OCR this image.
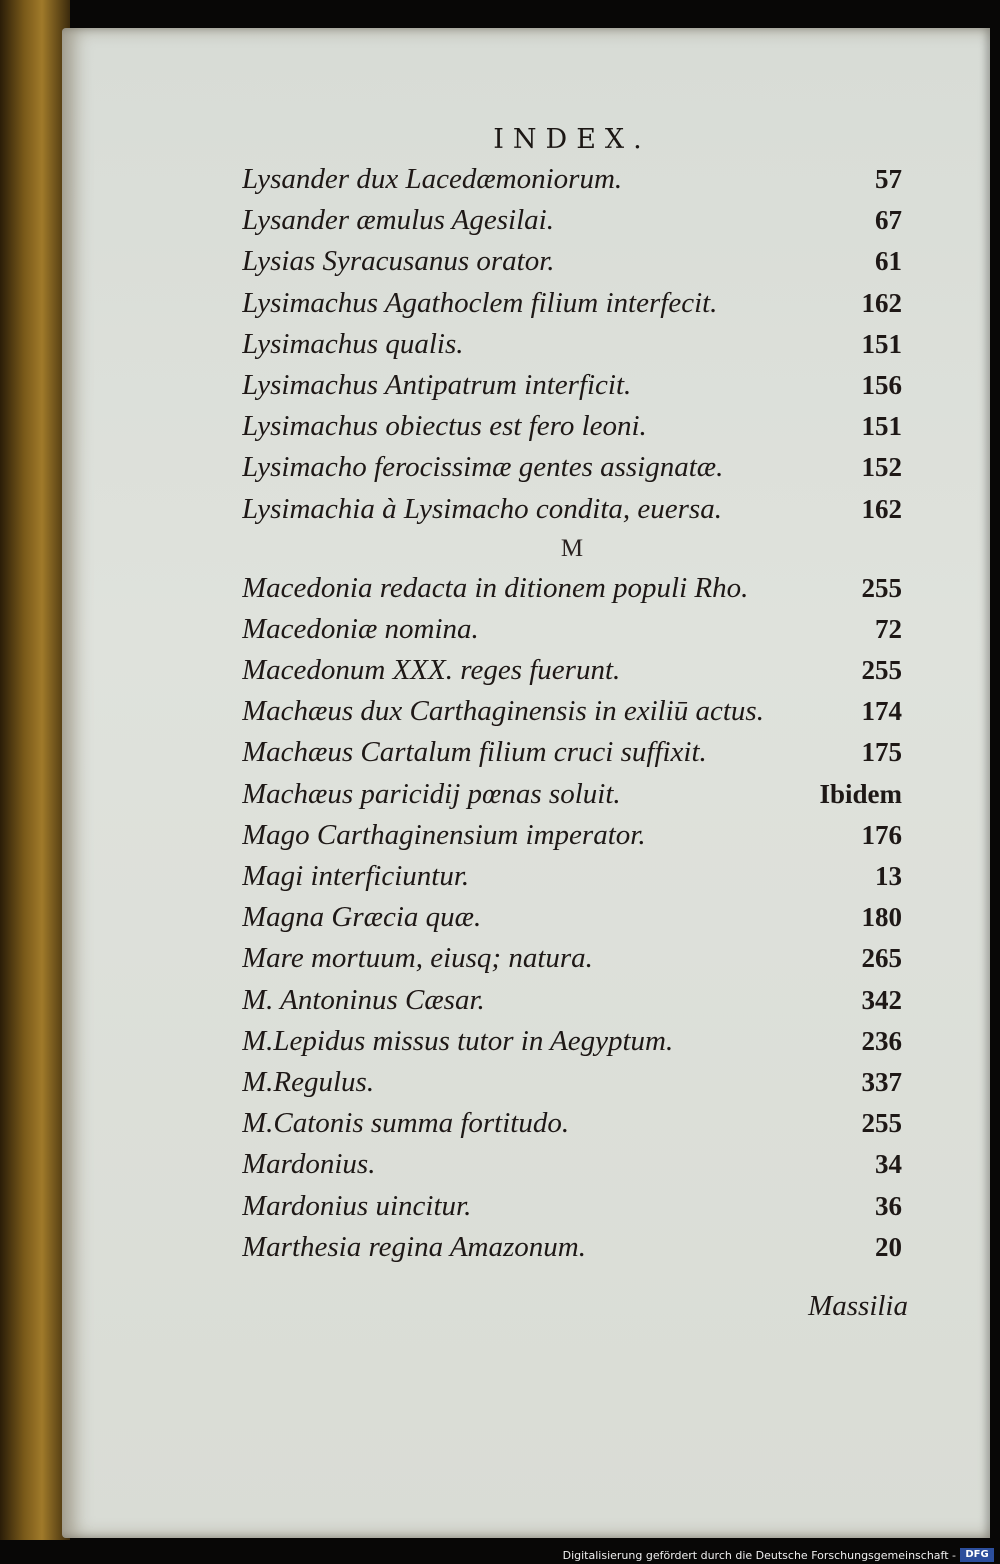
INDEX.
Lysander dux Lacedæmoniorum.	57
Lysander æmulus Agesilai.	67
Lysias Syracusanus orator.	61
Lysimachus Agathoclem filium interfecit.	162
Lysimachus qualis.	151
Lysimachus Antipatrum interficit.	156
Lysimachus obiectus est fero leoni.	151
Lysimacho ferocissimæ gentes assignatæ.	152
Lysimachia à Lysimacho condita, euersa.	162
M
Macedonia redacta in ditionem populi Rho.	255
Macedoniæ nomina.	72
Macedonum XXX. reges fuerunt.	255
Machæus dux Carthaginensis in exiliū actus.	174
Machæus Cartalum filium cruci suffixit.	175
Machæus paricidij pœnas soluit.	Ibidem
Mago Carthaginensium imperator.	176
Magi interficiuntur.	13
Magna Græcia quæ.	180
Mare mortuum, eiusq; natura.	265
M. Antoninus Cæsar.	342
M.Lepidus missus tutor in Aegyptum.	236
M.Regulus.	337
M.Catonis summa fortitudo.	255
Mardonius.	34
Mardonius uincitur.	36
Marthesia regina Amazonum.	20
Massilia
Digitalisierung gefördert durch die Deutsche Forschungsgemeinschaft - DFG
